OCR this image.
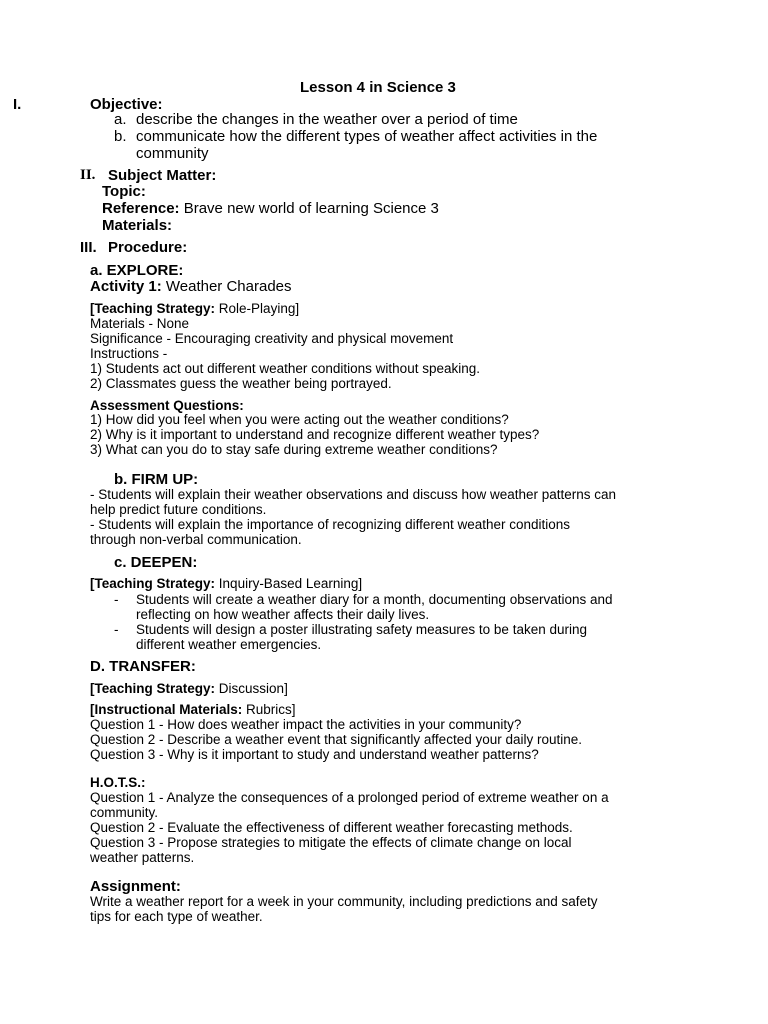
Lesson 4 in Science 3
I.	Objective:
a. describe the changes in the weather over a period of time
b. communicate how the different types of weather affect activities in the
community
II. Subject Matter:
Topic:
Reference: Brave new world of learning Science 3
Materials:
III. Procedure:
a. EXPLORE:
Activity 1: Weather Charades
[Teaching Strategy: Role-Playing]
Materials - None
Significance - Encouraging creativity and physical movement
Instructions -
1) Students act out different weather conditions without speaking.
2) Classmates guess the weather being portrayed.
Assessment Questions:
1) How did you feel when you were acting out the weather conditions?
2) Why is it important to understand and recognize different weather types?
3) What can you do to stay safe during extreme weather conditions?
b. FIRM UP:
- Students will explain their weather observations and discuss how weather patterns can
help predict future conditions.
- Students will explain the importance of recognizing different weather conditions
through non-verbal communication.
c. DEEPEN:
[Teaching Strategy: Inquiry-Based Learning]
- Students will create a weather diary for a month, documenting observations and
reflecting on how weather affects their daily lives.
- Students will design a poster illustrating safety measures to be taken during
different weather emergencies.
D. TRANSFER:
[Teaching Strategy: Discussion]
[Instructional Materials: Rubrics]
Question 1 - How does weather impact the activities in your community?
Question 2 - Describe a weather event that significantly affected your daily routine.
Question 3 - Why is it important to study and understand weather patterns?
H.O.T.S.:
Question 1 - Analyze the consequences of a prolonged period of extreme weather on a
community.
Question 2 - Evaluate the effectiveness of different weather forecasting methods.
Question 3 - Propose strategies to mitigate the effects of climate change on local
weather patterns.
Assignment:
Write a weather report for a week in your community, including predictions and safety
tips for each type of weather.
